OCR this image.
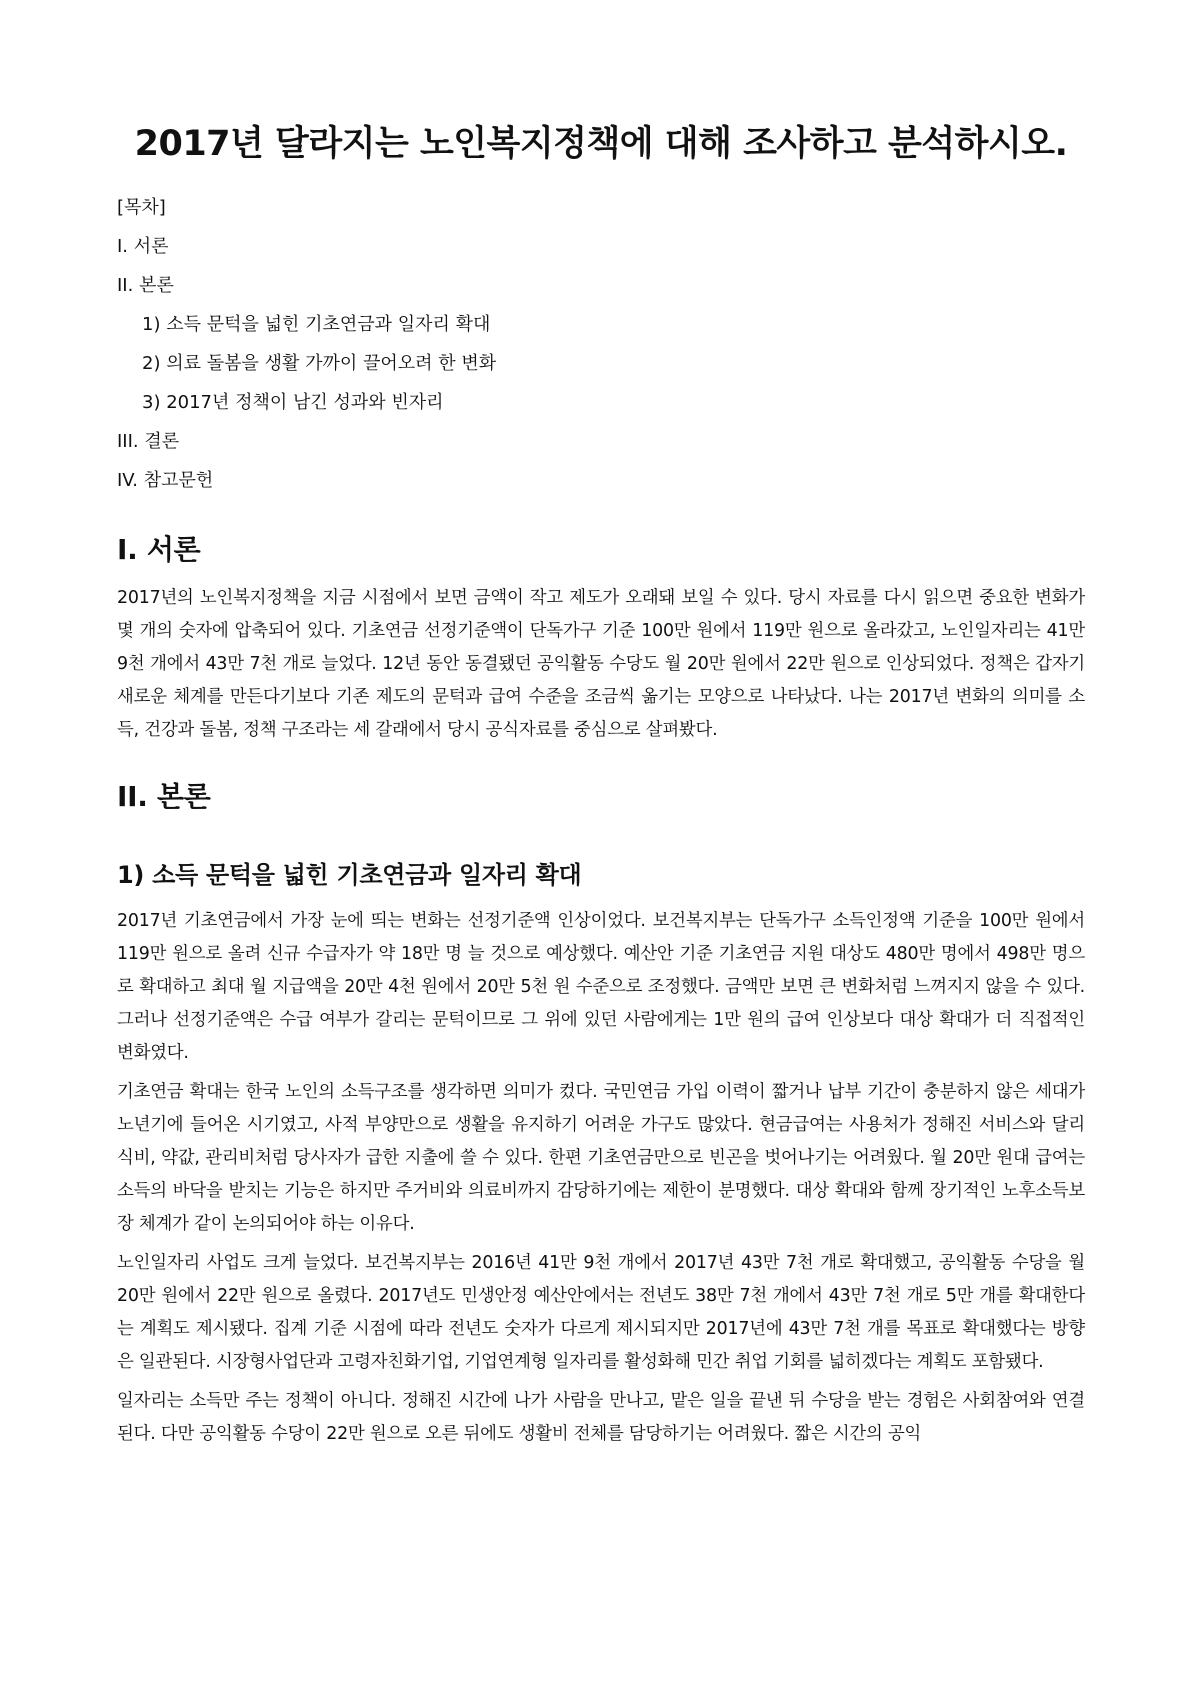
2017년 달라지는 노인복지정책에 대해 조사하고 분석하시오.
[목차]
I. 서론
II. 본론
1) 소득 문턱을 넓힌 기초연금과 일자리 확대
2) 의료 돌봄을 생활 가까이 끌어오려 한 변화
3) 2017년 정책이 남긴 성과와 빈자리
III. 결론
IV. 참고문헌
I. 서론

2017년의 노인복지정책을 지금 시점에서 보면 금액이 작고 제도가 오래돼 보일 수 있다. 당시 자료를 다시 읽으면 중요한 변화가 몇 개의 숫자에 압축되어 있다. 기초연금 선정기준액이 단독가구 기준 100만 원에서 119만 원으로 올라갔고, 노인일자리는 41만 9천 개에서 43만 7천 개로 늘었다. 12년 동안 동결됐던 공익활동 수당도 월 20만 원에서 22만 원으로 인상되었다. 정책은 갑자기 새로운 체계를 만든다기보다 기존 제도의 문턱과 급여 수준을 조금씩 옮기는 모양으로 나타났다. 나는 2017년 변화의 의미를 소득, 건강과 돌봄, 정책 구조라는 세 갈래에서 당시 공식자료를 중심으로 살펴봤다.

II. 본론
1) 소득 문턱을 넓힌 기초연금과 일자리 확대

2017년 기초연금에서 가장 눈에 띄는 변화는 선정기준액 인상이었다. 보건복지부는 단독가구 소득인정액 기준을 100만 원에서 119만 원으로 올려 신규 수급자가 약 18만 명 늘 것으로 예상했다. 예산안 기준 기초연금 지원 대상도 480만 명에서 498만 명으로 확대하고 최대 월 지급액을 20만 4천 원에서 20만 5천 원 수준으로 조정했다. 금액만 보면 큰 변화처럼 느껴지지 않을 수 있다. 그러나 선정기준액은 수급 여부가 갈리는 문턱이므로 그 위에 있던 사람에게는 1만 원의 급여 인상보다 대상 확대가 더 직접적인 변화였다.

기초연금 확대는 한국 노인의 소득구조를 생각하면 의미가 컸다. 국민연금 가입 이력이 짧거나 납부 기간이 충분하지 않은 세대가 노년기에 들어온 시기였고, 사적 부양만으로 생활을 유지하기 어려운 가구도 많았다. 현금급여는 사용처가 정해진 서비스와 달리 식비, 약값, 관리비처럼 당사자가 급한 지출에 쓸 수 있다. 한편 기초연금만으로 빈곤을 벗어나기는 어려웠다. 월 20만 원대 급여는 소득의 바닥을 받치는 기능은 하지만 주거비와 의료비까지 감당하기에는 제한이 분명했다. 대상 확대와 함께 장기적인 노후소득보장 체계가 같이 논의되어야 하는 이유다.

노인일자리 사업도 크게 늘었다. 보건복지부는 2016년 41만 9천 개에서 2017년 43만 7천 개로 확대했고, 공익활동 수당을 월 20만 원에서 22만 원으로 올렸다. 2017년도 민생안정 예산안에서는 전년도 38만 7천 개에서 43만 7천 개로 5만 개를 확대한다는 계획도 제시됐다. 집계 기준 시점에 따라 전년도 숫자가 다르게 제시되지만 2017년에 43만 7천 개를 목표로 확대했다는 방향은 일관된다. 시장형사업단과 고령자친화기업, 기업연계형 일자리를 활성화해 민간 취업 기회를 넓히겠다는 계획도 포함됐다.

일자리는 소득만 주는 정책이 아니다. 정해진 시간에 나가 사람을 만나고, 맡은 일을 끝낸 뒤 수당을 받는 경험은 사회참여와 연결된다. 다만 공익활동 수당이 22만 원으로 오른 뒤에도 생활비 전체를 담당하기는 어려웠다. 짧은 시간의 공익
